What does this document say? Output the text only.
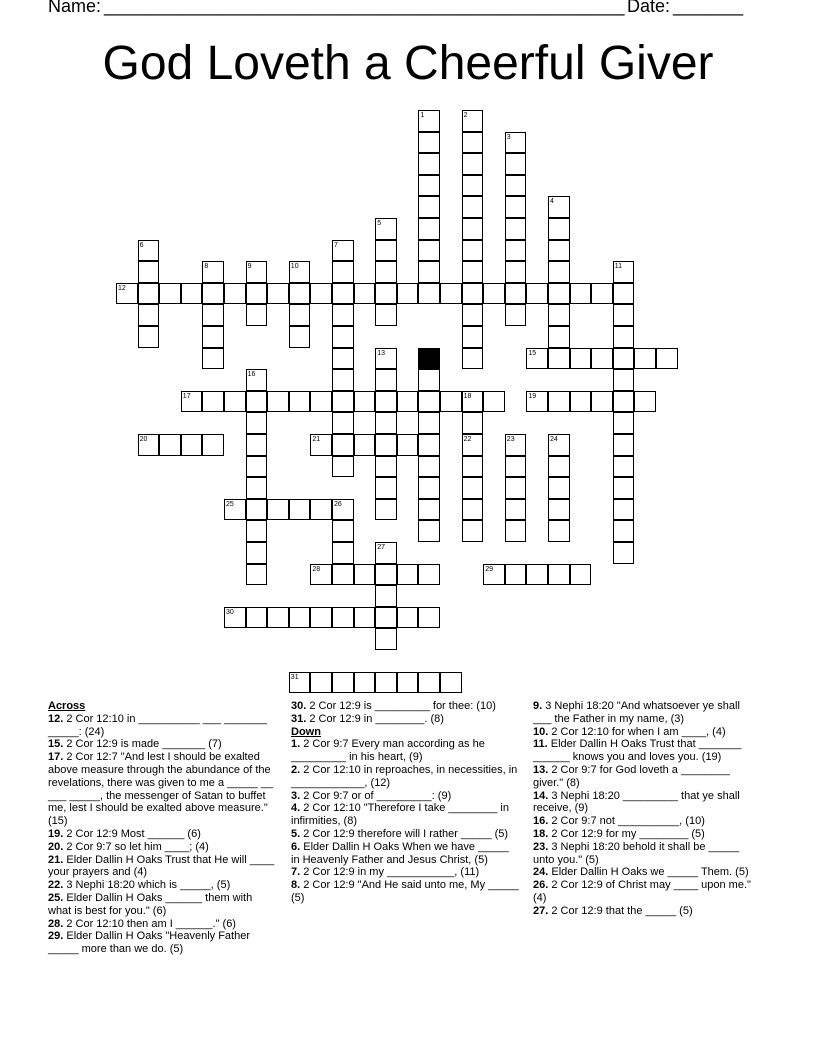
Name: ____________________________________________________ Date: _______
God Loveth a Cheerful Giver
1	2
3
4
5
6	7
8	9	10	11
12
13	14	15
16
17	18	19
20	21	22	23	24
25	26
27
28	29
30
31
Across
12. 2 Cor 12:10 in __________ ___ _______ _____: (24)
15. 2 Cor 12:9 is made _______ (7)
17. 2 Cor 12:7 "And lest I should be exalted above measure through the abundance of the revelations, there was given to me a _____ __ ___ _____, the messenger of Satan to buffet me, lest I should be exalted above measure." (15)
19. 2 Cor 12:9 Most ______ (6)
20. 2 Cor 9:7 so let him ____; (4)
21. Elder Dallin H Oaks Trust that He will ____ your prayers and (4)
22. 3 Nephi 18:20 which is _____, (5)
25. Elder Dallin H Oaks ______ them with what is best for you." (6)
28. 2 Cor 12:10 then am I ______." (6)
29. Elder Dallin H Oaks "Heavenly Father _____ more than we do. (5)
30. 2 Cor 12:9 is _________ for thee: (10)
31. 2 Cor 12:9 in ________. (8)
Down
1. 2 Cor 9:7 Every man according as he _________ in his heart, (9)
2. 2 Cor 12:10 in reproaches, in necessities, in ____________, (12)
3. 2 Cor 9:7 or of _________: (9)
4. 2 Cor 12:10 "Therefore I take ________ in infirmities, (8)
5. 2 Cor 12:9 therefore will I rather _____ (5)
6. Elder Dallin H Oaks When we have _____ in Heavenly Father and Jesus Christ, (5)
7. 2 Cor 12:9 in my ___________, (11)
8. 2 Cor 12:9 "And He said unto me, My _____ (5)
9. 3 Nephi 18:20 "And whatsoever ye shall ___ the Father in my name, (3)
10. 2 Cor 12:10 for when I am ____, (4)
11. Elder Dallin H Oaks Trust that _______ ______ knows you and loves you. (19)
13. 2 Cor 9:7 for God loveth a ________ giver." (8)
14. 3 Nephi 18:20 _________ that ye shall receive, (9)
16. 2 Cor 9:7 not __________, (10)
18. 2 Cor 12:9 for my ________ (5)
23. 3 Nephi 18:20 behold it shall be _____ unto you." (5)
24. Elder Dallin H Oaks we _____ Them. (5)
26. 2 Cor 12:9 of Christ may ____ upon me." (4)
27. 2 Cor 12:9 that the _____ (5)
